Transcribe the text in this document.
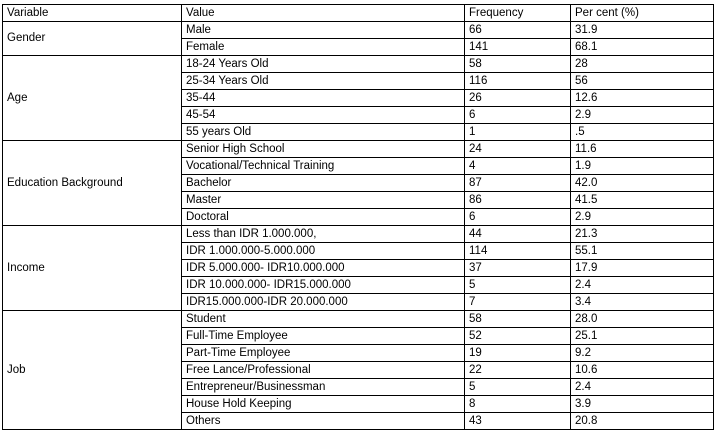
Variable	Value	Frequency	Per cent (%)
Gender	Male	66	31.9
	Female	141	68.1
Age	18-24 Years Old	58	28
	25-34 Years Old	116	56
	35-44	26	12.6
	45-54	6	2.9
	55 years Old	1	.5
Education Background	Senior High School	24	11.6
	Vocational/Technical Training	4	1.9
	Bachelor	87	42.0
	Master	86	41.5
	Doctoral	6	2.9
Income	Less than IDR 1.000.000,	44	21.3
	IDR 1.000.000-5.000.000	114	55.1
	IDR 5.000.000- IDR10.000.000	37	17.9
	IDR 10.000.000- IDR15.000.000	5	2.4
	IDR15.000.000-IDR 20.000.000	7	3.4
Job	Student	58	28.0
	Full-Time Employee	52	25.1
	Part-Time Employee	19	9.2
	Free Lance/Professional	22	10.6
	Entrepreneur/Businessman	5	2.4
	House Hold Keeping	8	3.9
	Others	43	20.8
